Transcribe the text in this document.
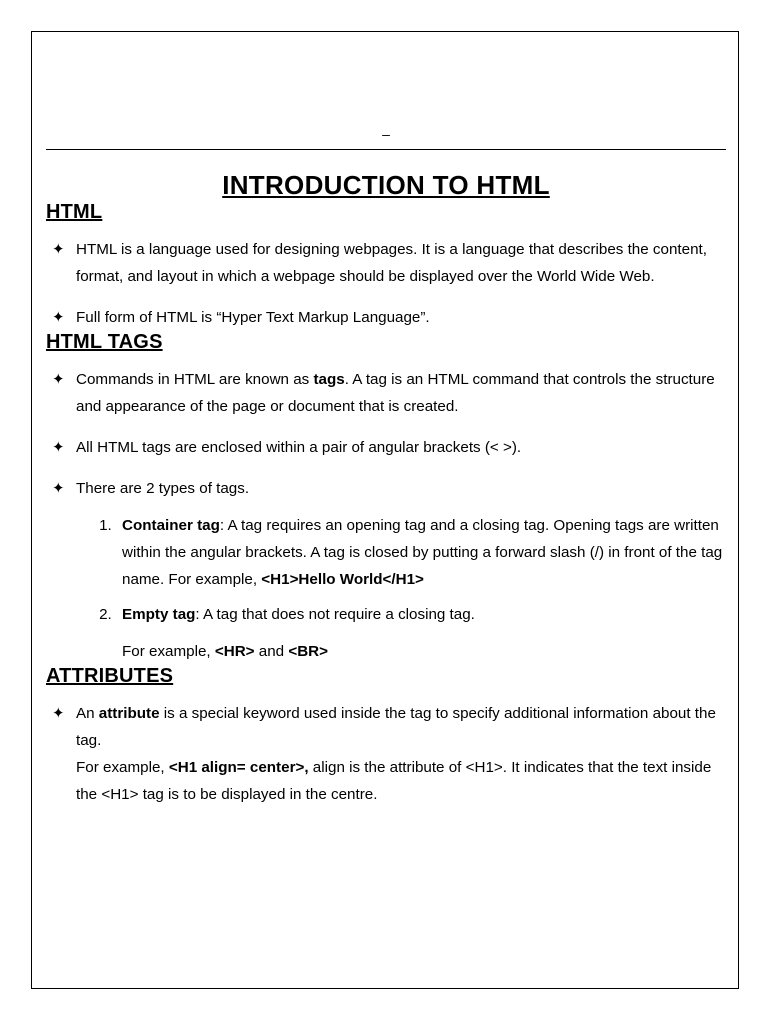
–
INTRODUCTION TO HTML
HTML
✦ HTML is a language used for designing webpages. It is a language that describes the content, format, and layout in which a webpage should be displayed over the World Wide Web.
✦ Full form of HTML is “Hyper Text Markup Language”.
HTML TAGS
✦ Commands in HTML are known as tags. A tag is an HTML command that controls the structure and appearance of the page or document that is created.
✦ All HTML tags are enclosed within a pair of angular brackets (< >).
✦ There are 2 types of tags.
1. Container tag: A tag requires an opening tag and a closing tag. Opening tags are written within the angular brackets. A tag is closed by putting a forward slash (/) in front of the tag name. For example, <H1>Hello World</H1>
2. Empty tag: A tag that does not require a closing tag.
For example, <HR> and <BR>
ATTRIBUTES
✦ An attribute is a special keyword used inside the tag to specify additional information about the tag.
For example, <H1 align= center>, align is the attribute of <H1>. It indicates that the text inside the <H1> tag is to be displayed in the centre.
